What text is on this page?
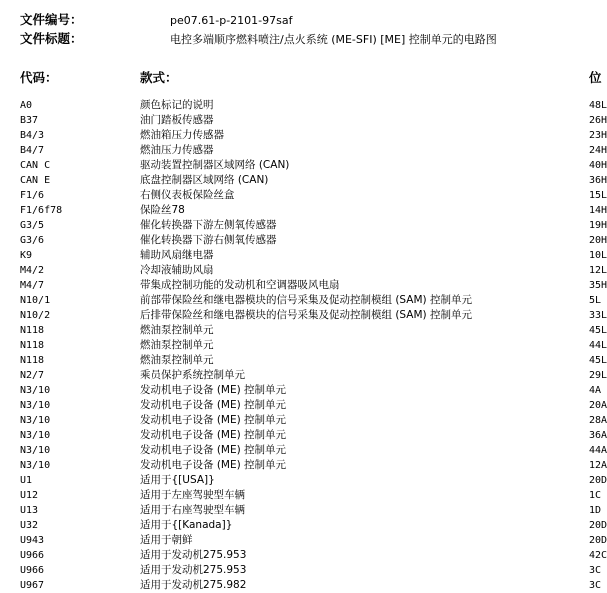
文件编号：	pe07.61-p-2101-97saf
文件标题：	电控多端顺序燃料喷注/点火系统 (ME-SFI) [ME] 控制单元的电路图
代码：	款式：	位
A0	颜色标记的说明	48L
B37	油门踏板传感器	26H
B4/3	燃油箱压力传感器	23H
B4/7	燃油压力传感器	24H
CAN C	驱动装置控制器区域网络 (CAN)	40H
CAN E	底盘控制器区域网络 (CAN)	36H
F1/6	右侧仪表板保险丝盒	15L
F1/6f78	保险丝78	14H
G3/5	催化转换器下游左侧氧传感器	19H
G3/6	催化转换器下游右侧氧传感器	20H
K9	辅助风扇继电器	10L
M4/2	冷却液辅助风扇	12L
M4/7	带集成控制功能的发动机和空调器吸风电扇	35H
N10/1	前部带保险丝和继电器模块的信号采集及促动控制模组 (SAM) 控制单元	5L
N10/2	后排带保险丝和继电器模块的信号采集及促动控制模组 (SAM) 控制单元	33L
N118	燃油泵控制单元	45L
N118	燃油泵控制单元	44L
N118	燃油泵控制单元	45L
N2/7	乘员保护系统控制单元	29L
N3/10	发动机电子设备 (ME) 控制单元	4A
N3/10	发动机电子设备 (ME) 控制单元	20A
N3/10	发动机电子设备 (ME) 控制单元	28A
N3/10	发动机电子设备 (ME) 控制单元	36A
N3/10	发动机电子设备 (ME) 控制单元	44A
N3/10	发动机电子设备 (ME) 控制单元	12A
U1	适用于{[USA]}	20D
U12	适用于左座驾驶型车辆	1C
U13	适用于右座驾驶型车辆	1D
U32	适用于{[Kanada]}	20D
U943	适用于朝鲜	20D
U966	适用于发动机275.953	42C
U966	适用于发动机275.953	3C
U967	适用于发动机275.982	3C
